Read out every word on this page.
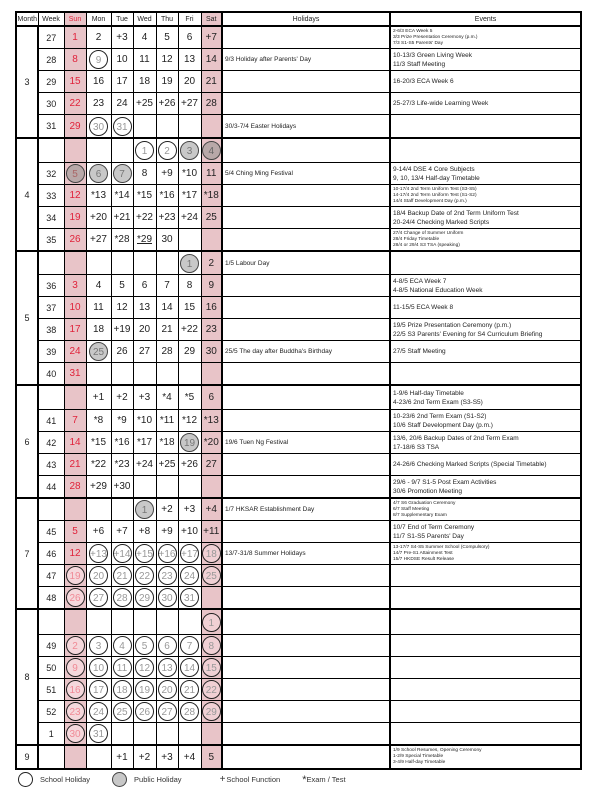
Month	Week	Sun	Mon	Tue	Wed	Thu	Fri	Sat	Holidays	Events
3	27	1	2	+3	4	5	6	+7		2-6/3 ECA Week 5
3/3 Prize Presentation Ceremony (p.m.)
7/3 S1-S5 Parents' Day

	28	8	9	10	11	12	13	14	9/3 Holiday after Parents' Day	10-13/3 Green Living Week
11/3 Staff Meeting

	29	15	16	17	18	19	20	21		16-20/3 ECA Week 6

	30	22	23	24	+25	+26	+27	28		25-27/3 Life-wide Learning Week

	31	29	30	31					30/3-7/4 Easter Holidays	
4					1	2	3	4		
	32	5	6	7	8	+9	*10	11	5/4 Ching Ming Festival	9-14/4 DSE 4 Core Subjects
9, 10, 13/4 Half-day Timetable

	33	12	*13	*14	*15	*16	*17	*18		10-17/4 2nd Term Uniform Test (S3-S5)
14-17/4 2nd Term Uniform Test (S1-S2)
14/4 Staff Development Day (p.m.)

	34	19	+20	+21	+22	+23	+24	25		18/4 Backup Date of 2nd Term Uniform Test
20-24/4 Checking Marked Scripts

	35	26	+27	*28	*29	30				27/4 Change of Summer Uniform
28/4 Friday Timetable
28/4 or 29/4 S3 TSA (speaking)

5							1	2	1/5 Labour Day	
	36	3	4	5	6	7	8	9		4-8/5 ECA Week 7
4-8/5 National Education Week

	37	10	11	12	13	14	15	16		11-15/5 ECA Week 8

	38	17	18	+19	20	21	+22	23		19/5 Prize Presentation Ceremony (p.m.)
22/5 S3 Parents' Evening for S4 Curriculum Briefing

	39	24	25	26	27	28	29	30	25/5 The day after Buddha's Birthday	27/5 Staff Meeting

	40	31								
6			+1	+2	+3	*4	*5	6		1-9/6 Half-day Timetable
4-23/6 2nd Term Exam (S3-S5)

	41	7	*8	*9	*10	*11	*12	*13		10-23/6 2nd Term Exam (S1-S2)
10/6 Staff Development Day (p.m.)

	42	14	*15	*16	*17	*18	19	*20	19/6 Tuen Ng Festival	13/6, 20/6 Backup Dates of 2nd Term Exam
17-18/6 S3 TSA

	43	21	*22	*23	+24	+25	+26	27		24-26/6 Checking Marked Scripts (Special Timetable)

	44	28	+29	+30						29/6 - 9/7 S1-5 Post Exam Activities
30/6 Promotion Meeting

7					1	+2	+3	+4	1/7 HKSAR Establishment Day	4/7 S6 Graduation Ceremony
6/7 Staff Meeting
8/7 Supplementary Exam

	45	5	+6	+7	+8	+9	+10	+11		10/7 End of Term Ceremony
11/7 S1-S5 Parents' Day

	46	12	+13	+14	+15	+16	+17	18	13/7-31/8 Summer Holidays	13-17/7 S4-S5 Summer School (Compulsory)
14/7 Pre-S1 Attainment Test
15/7 HKDSE Result Release

	47	19	20	21	22	23	24	25		
	48	26	27	28	29	30	31			
8								1		
	49	2	3	4	5	6	7	8		
	50	9	10	11	12	13	14	15		
	51	16	17	18	19	20	21	22		
	52	23	24	25	26	27	28	29		
	1	30	31							
9				+1	+2	+3	+4	5		1/9 School Resumes, Opening Ceremony
1-2/9 Special Timetable
3-4/9 Half-day Timetable
School Holiday	Public Holiday	+ School Function * Exam / Test
